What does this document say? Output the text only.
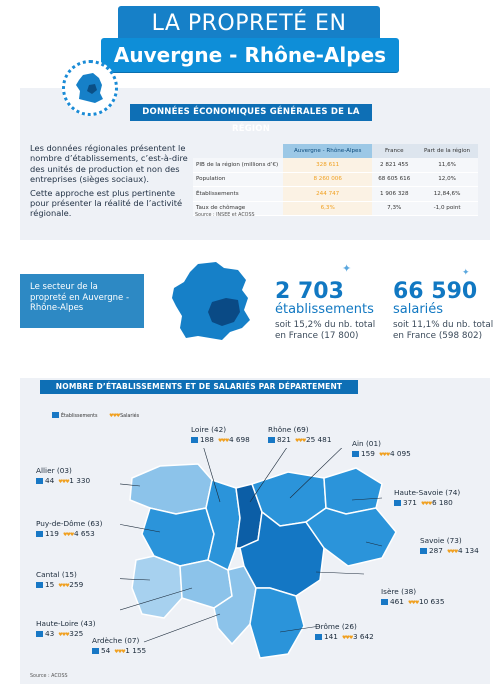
LA PROPRETÉ EN
Auvergne - Rhône-Alpes
DONNÉES ÉCONOMIQUES GÉNÉRALES DE LA RÉGION

Les données régionales présentent le nombre d’établissements, c’est-à-dire des unités de production et non des entreprises (sièges sociaux).

Cette approche est plus pertinente pour présenter la réalité de l’activité régionale.

	Auvergne - Rhône-Alpes	France	Part de la région
PIB de la région (millions d’€)	328 611	2 821 455	11,6%
Population	8 260 006	68 605 616	12,0%
Établissements	244 747	1 906 328	12,84,6%
Taux de chômage	6,3%	7,3%	-1,0 point
Source : INSEE et ACOSS
Le secteur de la propreté en Auvergne - Rhône-Alpes
✦	✦
2 703
établissements
soit 15,2% du nb. total en France (17 800)
66 590
salariés
soit 11,1% du nb. total en France (598 802)
NOMBRE D’ÉTABLISSEMENTS ET DE SALARIÉS PAR DÉPARTEMENT
Établissements ♥♥♥	Salariés
Loire (42)
188 ♥♥♥ 4 698
Rhône (69)
821 ♥♥♥ 25 481	Ain (01)
159 ♥♥♥ 4 095
Allier (03)
44 ♥♥♥ 1 330
Haute-Savoie (74)
371 ♥♥♥ 6 180
Puy-de-Dôme (63)
119 ♥♥♥ 4 653
Savoie (73)
287 ♥♥♥ 4 134
Cantal (15)
15 ♥♥♥ 259
Isère (38)
461 ♥♥♥ 10 635
Haute-Loire (43)
43 ♥♥♥ 325
Drôme (26)
141 ♥♥♥ 3 642
Ardèche (07)
54 ♥♥♥ 1 155
Source : ACOSS
